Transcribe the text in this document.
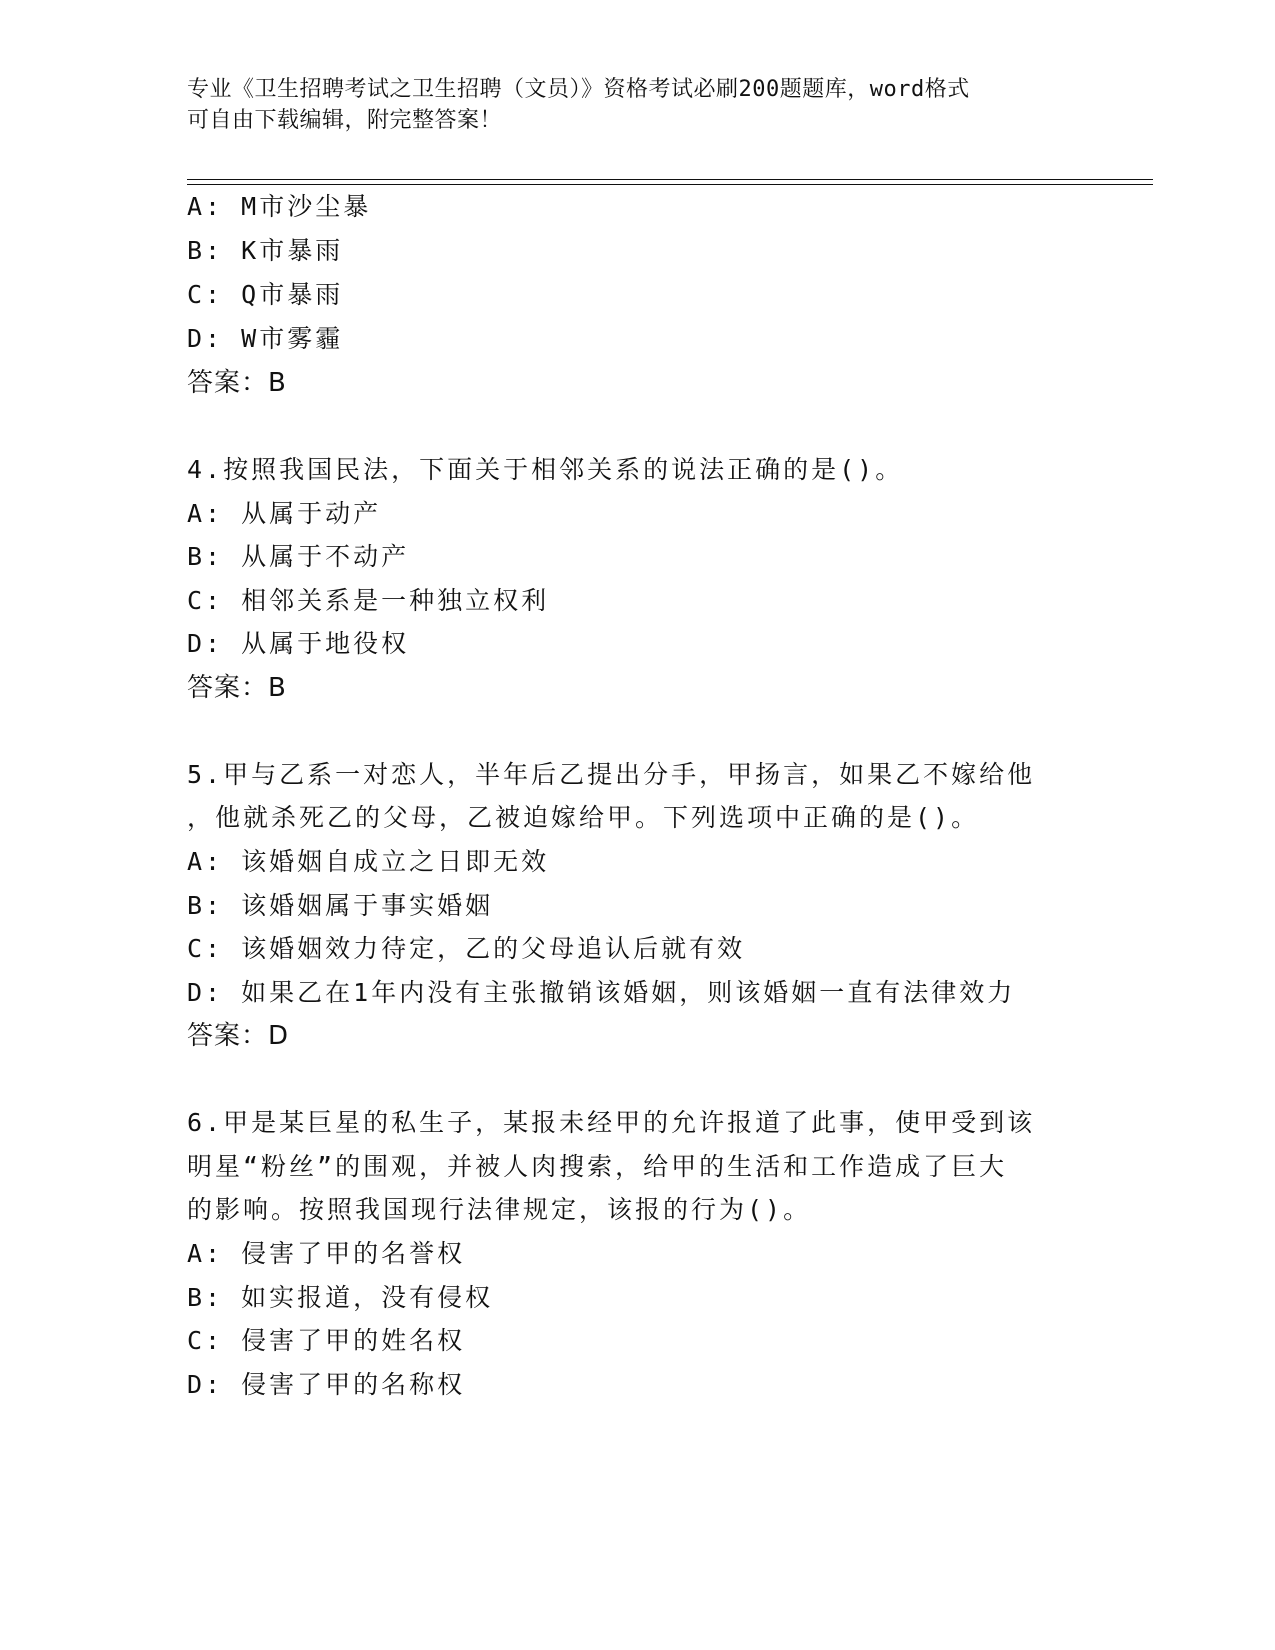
专业《卫生招聘考试之卫生招聘（文员）》资格考试必刷200题题库，word格式
可自由下载编辑，附完整答案！
A: M市沙尘暴
B: K市暴雨
C: Q市暴雨
D: W市雾霾
答案：B
4.按照我国民法，下面关于相邻关系的说法正确的是()。
A: 从属于动产
B: 从属于不动产
C: 相邻关系是一种独立权利
D: 从属于地役权
答案：B
5.甲与乙系一对恋人，半年后乙提出分手，甲扬言，如果乙不嫁给他
，他就杀死乙的父母，乙被迫嫁给甲。下列选项中正确的是()。
A: 该婚姻自成立之日即无效
B: 该婚姻属于事实婚姻
C: 该婚姻效力待定，乙的父母追认后就有效
D: 如果乙在1年内没有主张撤销该婚姻，则该婚姻一直有法律效力
答案：D
6.甲是某巨星的私生子，某报未经甲的允许报道了此事，使甲受到该
明星“粉丝”的围观，并被人肉搜索，给甲的生活和工作造成了巨大
的影响。按照我国现行法律规定，该报的行为()。
A: 侵害了甲的名誉权
B: 如实报道，没有侵权
C: 侵害了甲的姓名权
D: 侵害了甲的名称权
